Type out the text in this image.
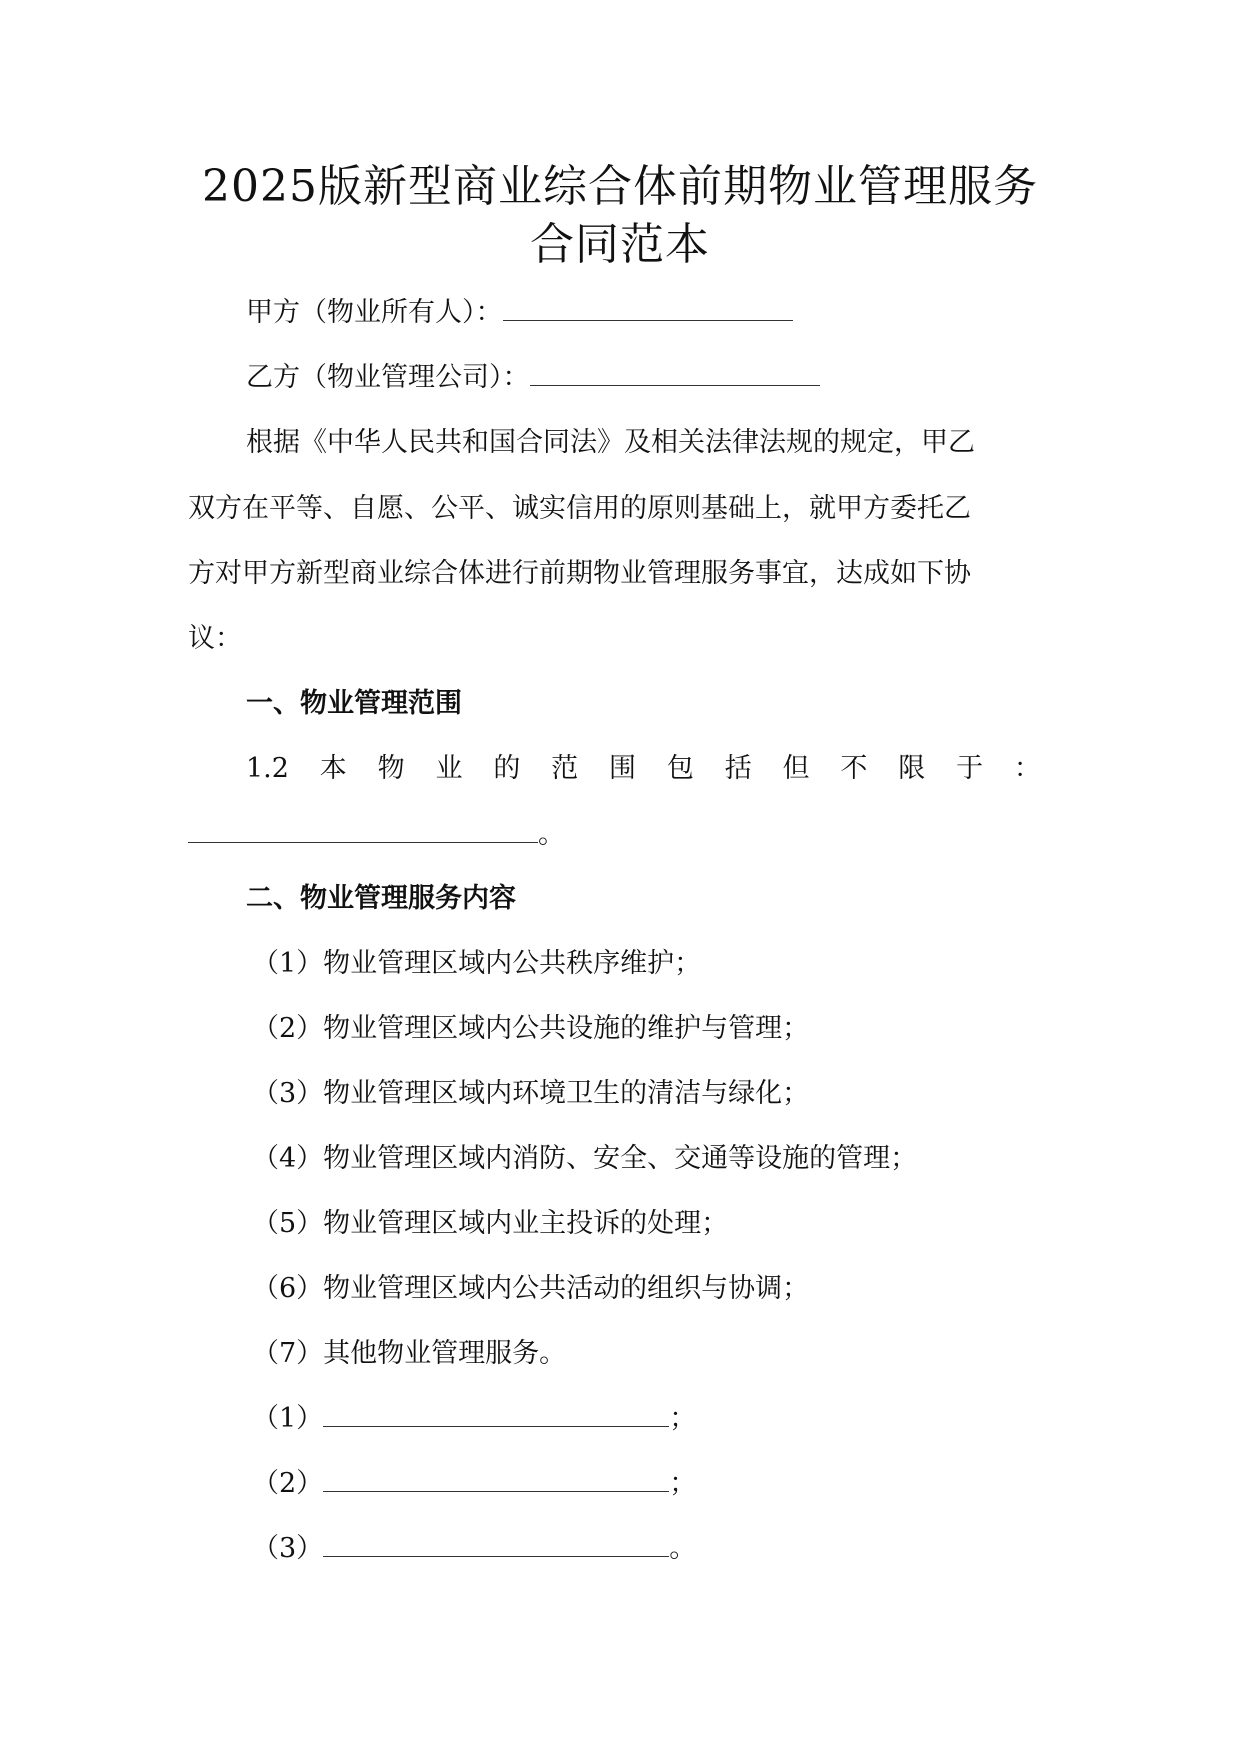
2025版新型商业综合体前期物业管理服务
合同范本
甲方（物业所有人）：
乙方（物业管理公司）：
根据《中华人民共和国合同法》及相关法律法规的规定，甲乙
双方在平等、自愿、公平、诚实信用的原则基础上，就甲方委托乙
方对甲方新型商业综合体进行前期物业管理服务事宜，达成如下协
议：
一、物业管理范围
1.2 本 物 业 的 范 围 包 括 但 不 限 于 ：
。
二、物业管理服务内容
（1）物业管理区域内公共秩序维护；
（2）物业管理区域内公共设施的维护与管理；
（3）物业管理区域内环境卫生的清洁与绿化；
（4）物业管理区域内消防、安全、交通等设施的管理；
（5）物业管理区域内业主投诉的处理；
（6）物业管理区域内公共活动的组织与协调；
（7）其他物业管理服务。
（1）	；
（2）	；
（3）	。
